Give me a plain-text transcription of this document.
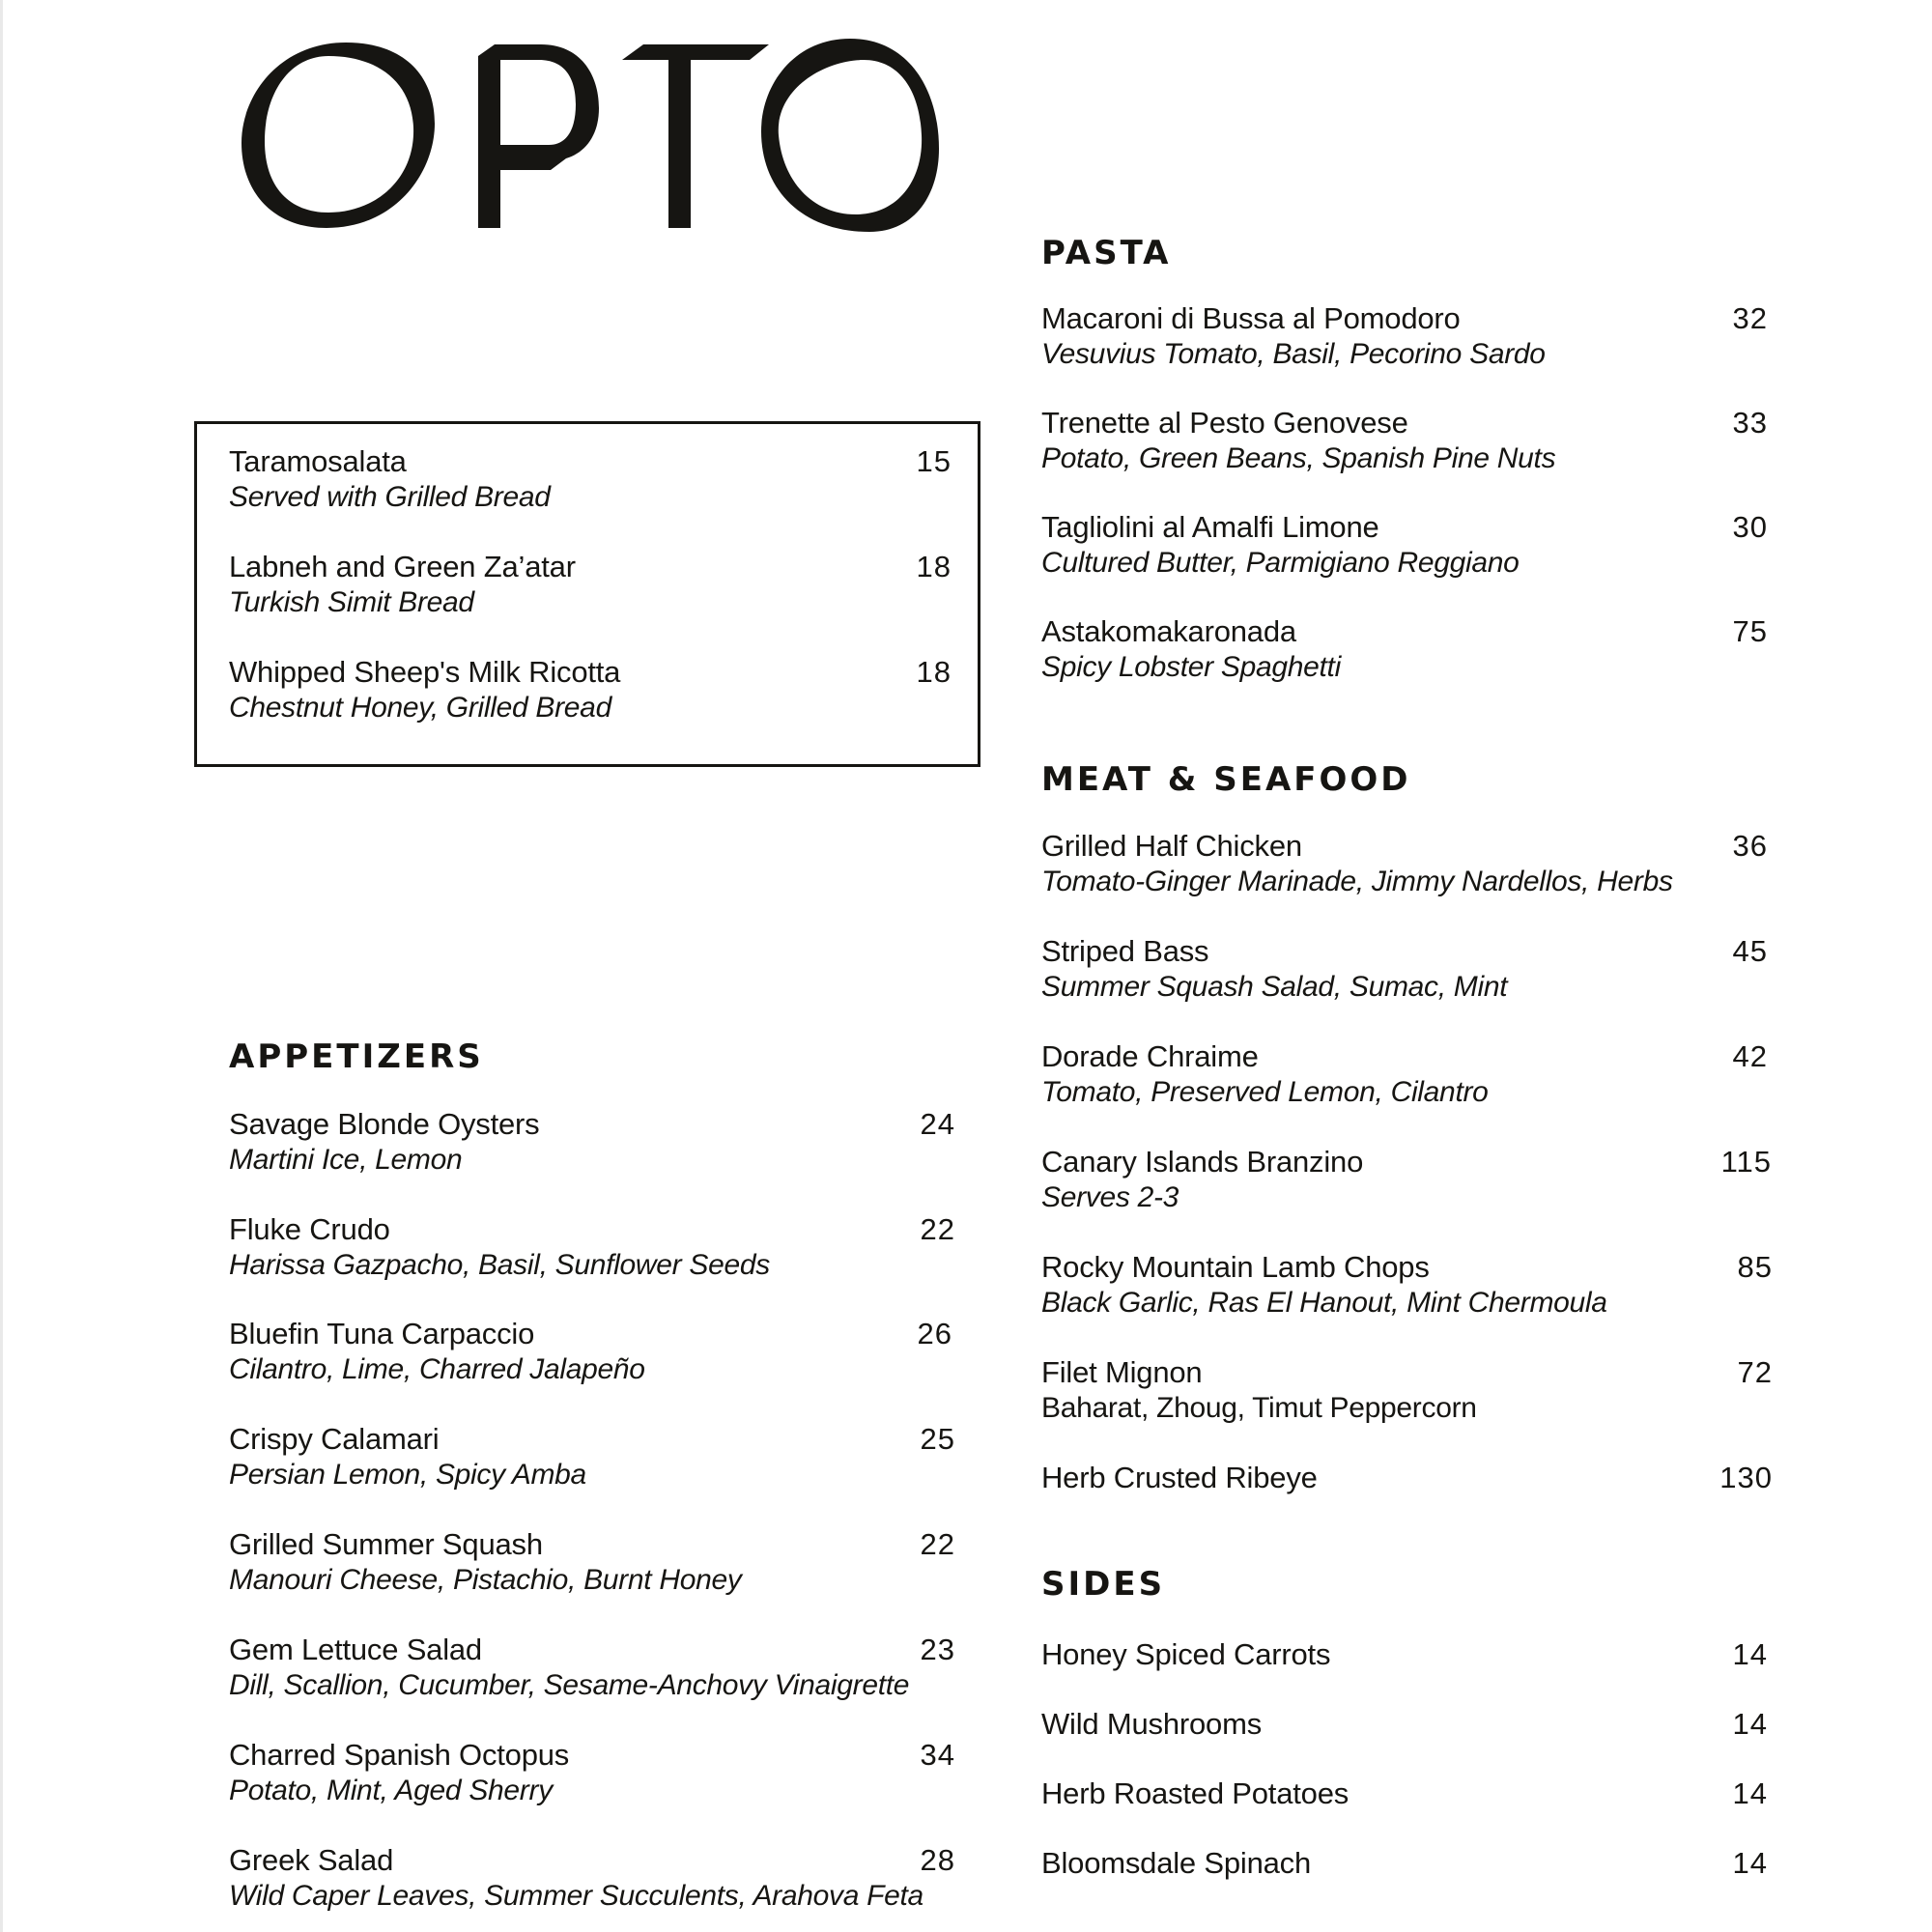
Taramosalata	15
Served with Grilled Bread
Labneh and Green Za’atar	18
Turkish Simit Bread
Whipped Sheep's Milk Ricotta	18
Chestnut Honey, Grilled Bread
APPETIZERS
Savage Blonde Oysters	24
Martini Ice, Lemon
Fluke Crudo	22
Harissa Gazpacho, Basil, Sunflower Seeds
Bluefin Tuna Carpaccio	26
Cilantro, Lime, Charred Jalapeño
Crispy Calamari	25
Persian Lemon, Spicy Amba
Grilled Summer Squash	22
Manouri Cheese, Pistachio, Burnt Honey
Gem Lettuce Salad	23
Dill, Scallion, Cucumber, Sesame-Anchovy Vinaigrette
Charred Spanish Octopus	34
Potato, Mint, Aged Sherry
Greek Salad	28
Wild Caper Leaves, Summer Succulents, Arahova Feta
PASTA
Macaroni di Bussa al Pomodoro	32
Vesuvius Tomato, Basil, Pecorino Sardo
Trenette al Pesto Genovese	33
Potato, Green Beans, Spanish Pine Nuts
Tagliolini al Amalfi Limone	30
Cultured Butter, Parmigiano Reggiano
Astakomakaronada	75
Spicy Lobster Spaghetti
MEAT & SEAFOOD
Grilled Half Chicken	36
Tomato-Ginger Marinade, Jimmy Nardellos, Herbs
Striped Bass	45
Summer Squash Salad, Sumac, Mint
Dorade Chraime	42
Tomato, Preserved Lemon, Cilantro
Canary Islands Branzino	115
Serves 2-3
Rocky Mountain Lamb Chops	85
Black Garlic, Ras El Hanout, Mint Chermoula
Filet Mignon	72
Baharat, Zhoug, Timut Peppercorn
Herb Crusted Ribeye	130
SIDES
Honey Spiced Carrots	14
Wild Mushrooms	14
Herb Roasted Potatoes	14
Bloomsdale Spinach	14
